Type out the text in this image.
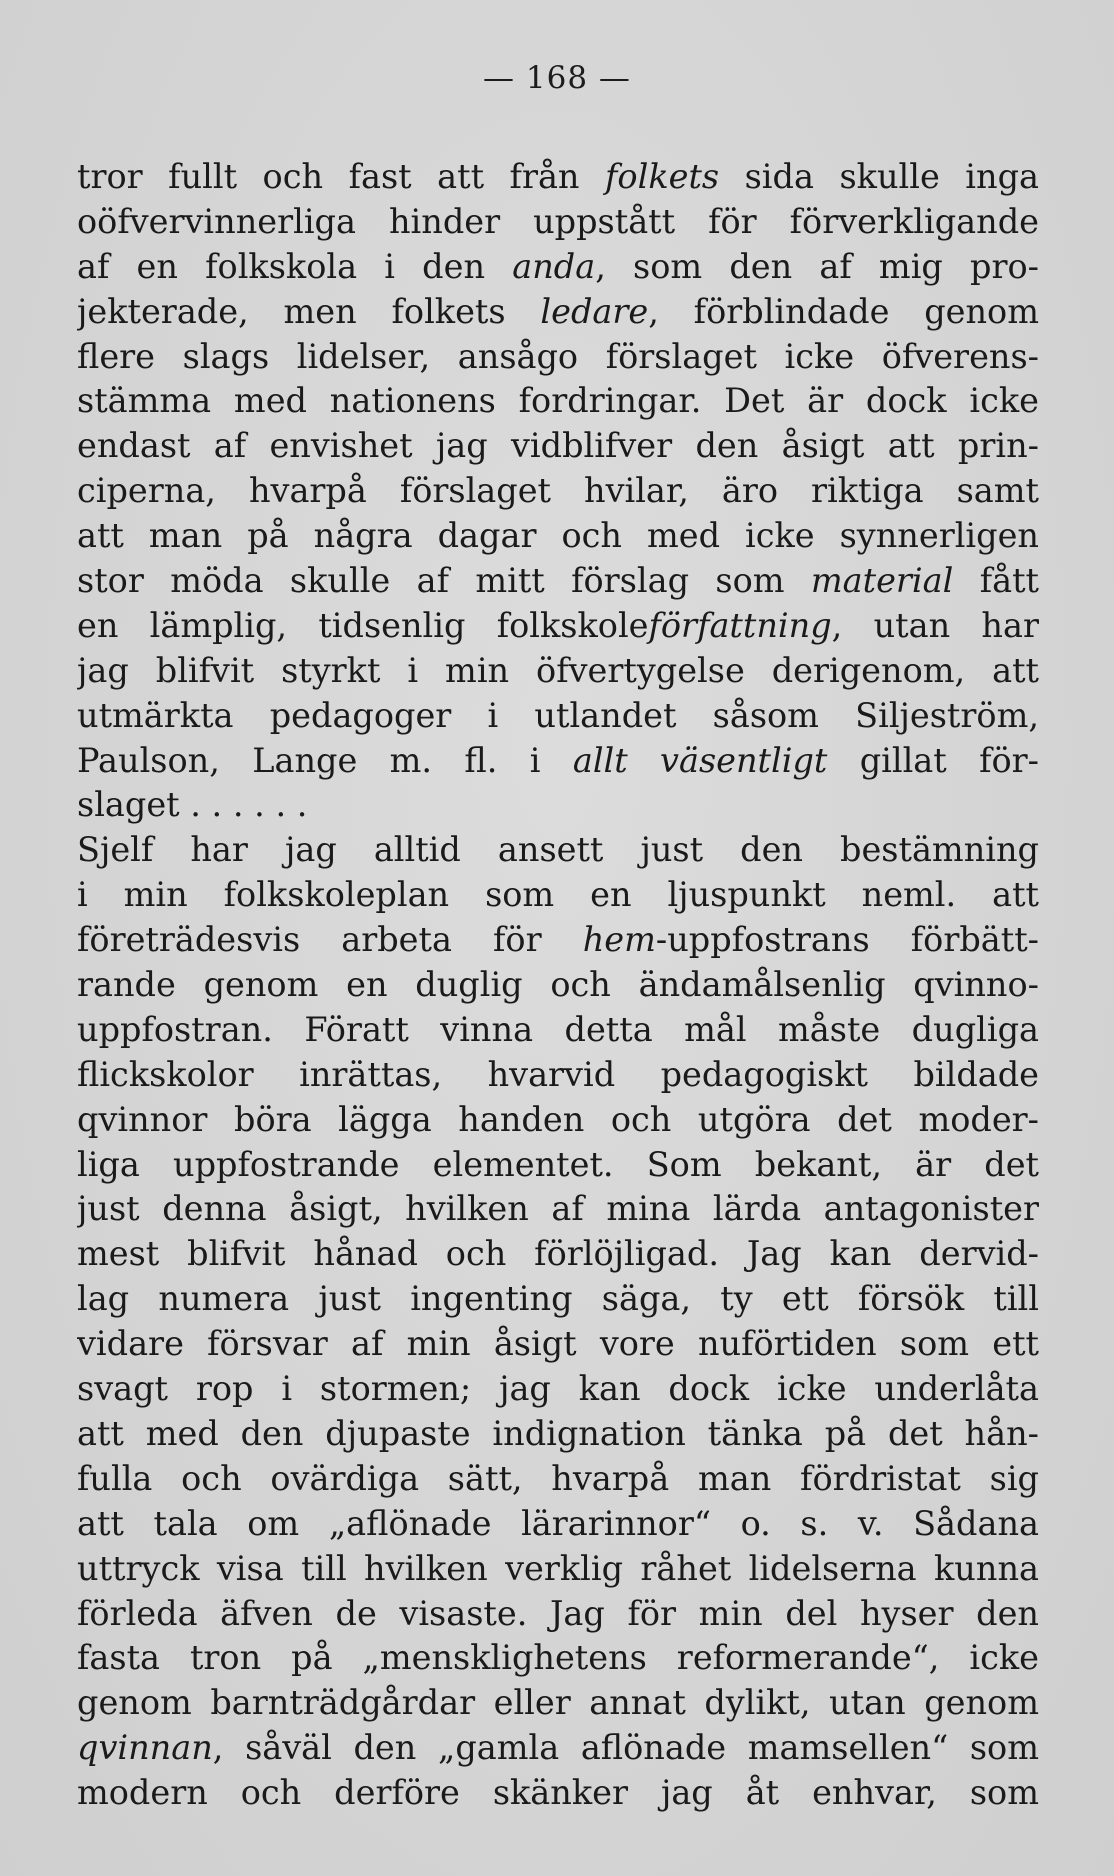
— 168 —
tror fullt och fast att från folkets sida skulle inga
oöfvervinnerliga hinder uppstått för förverkligande
af en folkskola i den anda, som den af mig pro-
jekterade, men folkets ledare, förblindade genom
flere slags lidelser, ansågo förslaget icke öfverens-
stämma med nationens fordringar. Det är dock icke
endast af envishet jag vidblifver den åsigt att prin-
ciperna, hvarpå förslaget hvilar, äro riktiga samt
att man på några dagar och med icke synnerligen
stor möda skulle af mitt förslag som material fått
en lämplig, tidsenlig folkskoleförfattning, utan har
jag blifvit styrkt i min öfvertygelse derigenom, att
utmärkta pedagoger i utlandet såsom Siljeström,
Paulson, Lange m. fl. i allt väsentligt gillat för-
slaget . . . . . .
Sjelf har jag alltid ansett just den bestämning
i min folkskoleplan som en ljuspunkt neml. att
företrädesvis arbeta för hem-uppfostrans förbätt-
rande genom en duglig och ändamålsenlig qvinno-
uppfostran. Föratt vinna detta mål måste dugliga
flickskolor inrättas, hvarvid pedagogiskt bildade
qvinnor böra lägga handen och utgöra det moder-
liga uppfostrande elementet. Som bekant, är det
just denna åsigt, hvilken af mina lärda antagonister
mest blifvit hånad och förlöjligad. Jag kan dervid-
lag numera just ingenting säga, ty ett försök till
vidare försvar af min åsigt vore nuförtiden som ett
svagt rop i stormen; jag kan dock icke underlåta
att med den djupaste indignation tänka på det hån-
fulla och ovärdiga sätt, hvarpå man fördristat sig
att tala om „aflönade lärarinnor“ o. s. v. Sådana
uttryck visa till hvilken verklig råhet lidelserna kunna
förleda äfven de visaste. Jag för min del hyser den
fasta tron på „mensklighetens reformerande“, icke
genom barnträdgårdar eller annat dylikt, utan genom
qvinnan, såväl den „gamla aflönade mamsellen“ som
modern och derföre skänker jag åt enhvar, som
